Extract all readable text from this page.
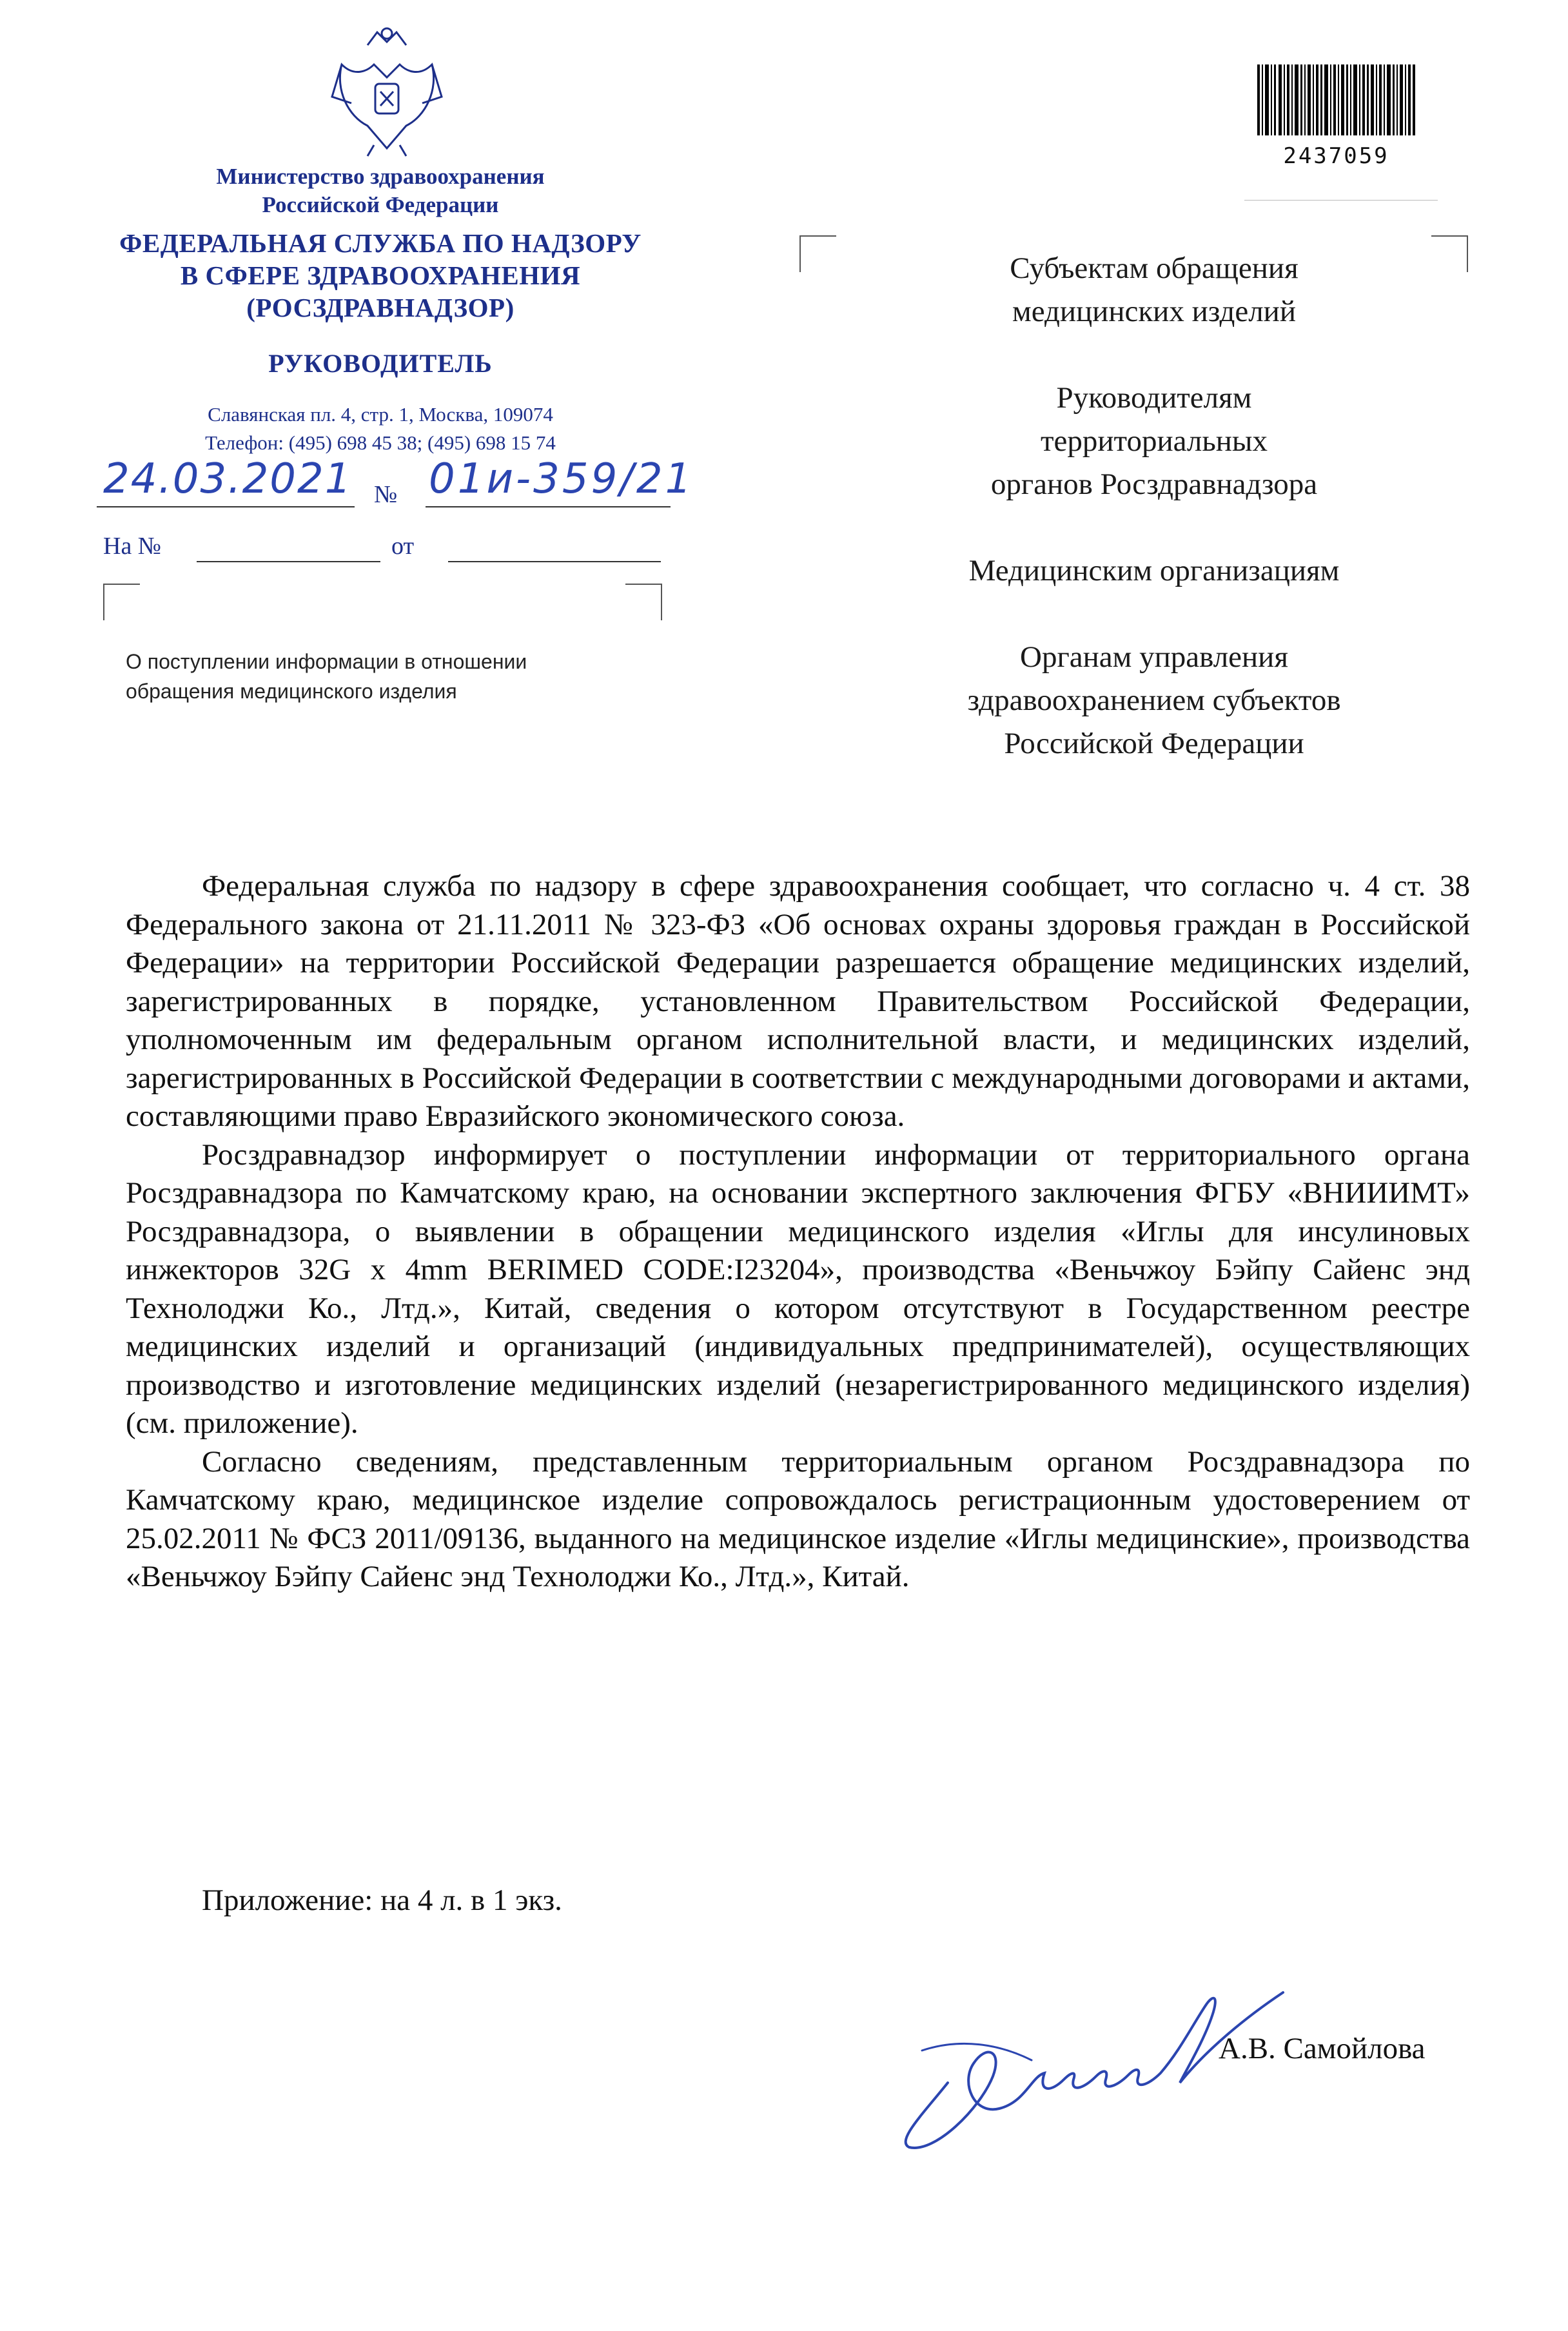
Министерство здравоохранения
Российской Федерации
ФЕДЕРАЛЬНАЯ СЛУЖБА ПО НАДЗОРУ
В СФЕРЕ ЗДРАВООХРАНЕНИЯ
(РОСЗДРАВНАДЗОР)
РУКОВОДИТЕЛЬ
Славянская пл. 4, стр. 1, Москва, 109074
Телефон: (495) 698 45 38; (495) 698 15 74
24.03.2021 № 01и-359/21
На №	от
О поступлении информации в отношении
обращения медицинского изделия
2437059
Субъектам обращения
медицинских изделий
Руководителям
территориальных
органов Росздравнадзора
Медицинским организациям
Органам управления
здравоохранением субъектов
Российской Федерации

Федеральная служба по надзору в сфере здравоохранения сообщает, что согласно ч. 4 ст. 38 Федерального закона от 21.11.2011 № 323-ФЗ «Об основах охраны здоровья граждан в Российской Федерации» на территории Российской Федерации разрешается обращение медицинских изделий, зарегистрированных в порядке, установленном Правительством Российской Федерации, уполномоченным им федеральным органом исполнительной власти, и медицинских изделий, зарегистрированных в Российской Федерации в соответствии с международными договорами и актами, составляющими право Евразийского экономического союза.

Росздравнадзор информирует о поступлении информации от территориального органа Росздравнадзора по Камчатскому краю, на основании экспертного заключения ФГБУ «ВНИИИМТ» Росздравнадзора, о выявлении в обращении медицинского изделия «Иглы для инсулиновых инжекторов 32G x 4mm BERIMED CODE:I23204», производства «Веньчжоу Бэйпу Сайенс энд Технолоджи Ко., Лтд.», Китай, сведения о котором отсутствуют в Государственном реестре медицинских изделий и организаций (индивидуальных предпринимателей), осуществляющих производство и изготовление медицинских изделий (незарегистрированного медицинского изделия) (см. приложение).

Согласно сведениям, представленным территориальным органом Росздравнадзора по Камчатскому краю, медицинское изделие сопровождалось регистрационным удостоверением от 25.02.2011 № ФСЗ 2011/09136, выданного на медицинское изделие «Иглы медицинские», производства «Веньчжоу Бэйпу Сайенс энд Технолоджи Ко., Лтд.», Китай.

Приложение: на 4 л. в 1 экз.
А.В. Самойлова
